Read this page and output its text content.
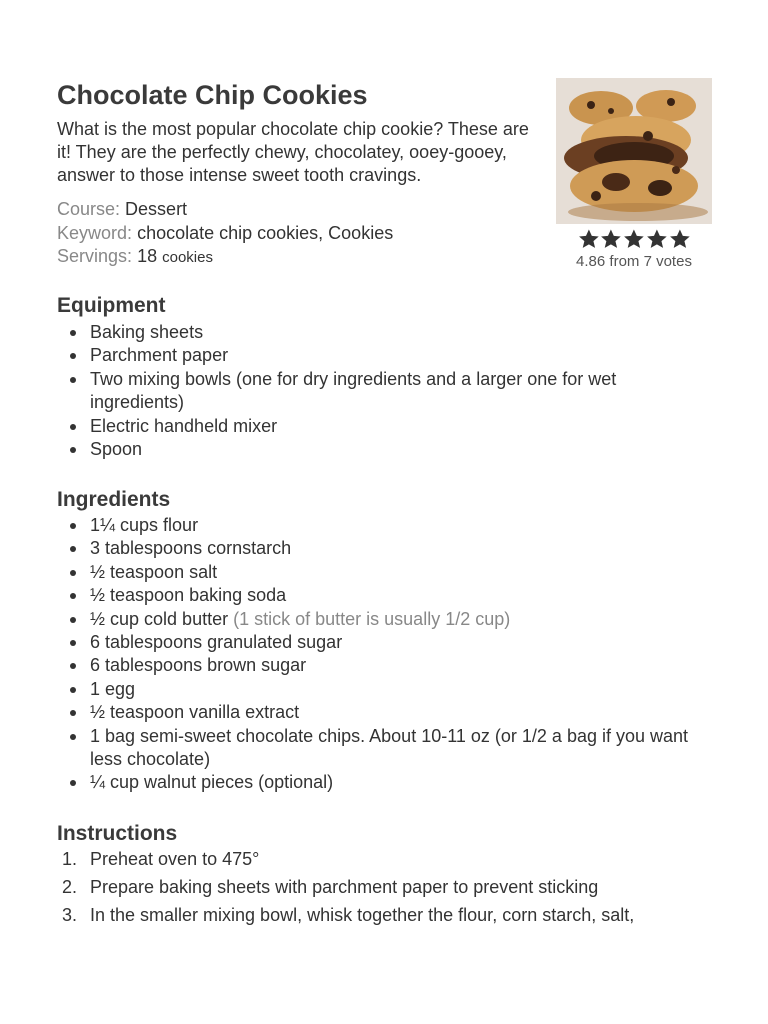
Chocolate Chip Cookies
What is the most popular chocolate chip cookie? These are it! They are the perfectly chewy, chocolatey, ooey-gooey, answer to those intense sweet tooth cravings.
Course: Dessert
Keyword: chocolate chip cookies, Cookies
Servings: 18 cookies	4.86 from 7 votes
Equipment
Baking sheets
Parchment paper
Two mixing bowls (one for dry ingredients and a larger one for wet ingredients)
Electric handheld mixer
Spoon
Ingredients
1¼ cups flour
3 tablespoons cornstarch
½ teaspoon salt
½ teaspoon baking soda
½ cup cold butter (1 stick of butter is usually 1/2 cup)
6 tablespoons granulated sugar
6 tablespoons brown sugar
1 egg
½ teaspoon vanilla extract
1 bag semi-sweet chocolate chips. About 10-11 oz (or 1/2 a bag if you want less chocolate)
¼ cup walnut pieces (optional)
Instructions
1. Preheat oven to 475°
2. Prepare baking sheets with parchment paper to prevent sticking
3. In the smaller mixing bowl, whisk together the flour, corn starch, salt,
